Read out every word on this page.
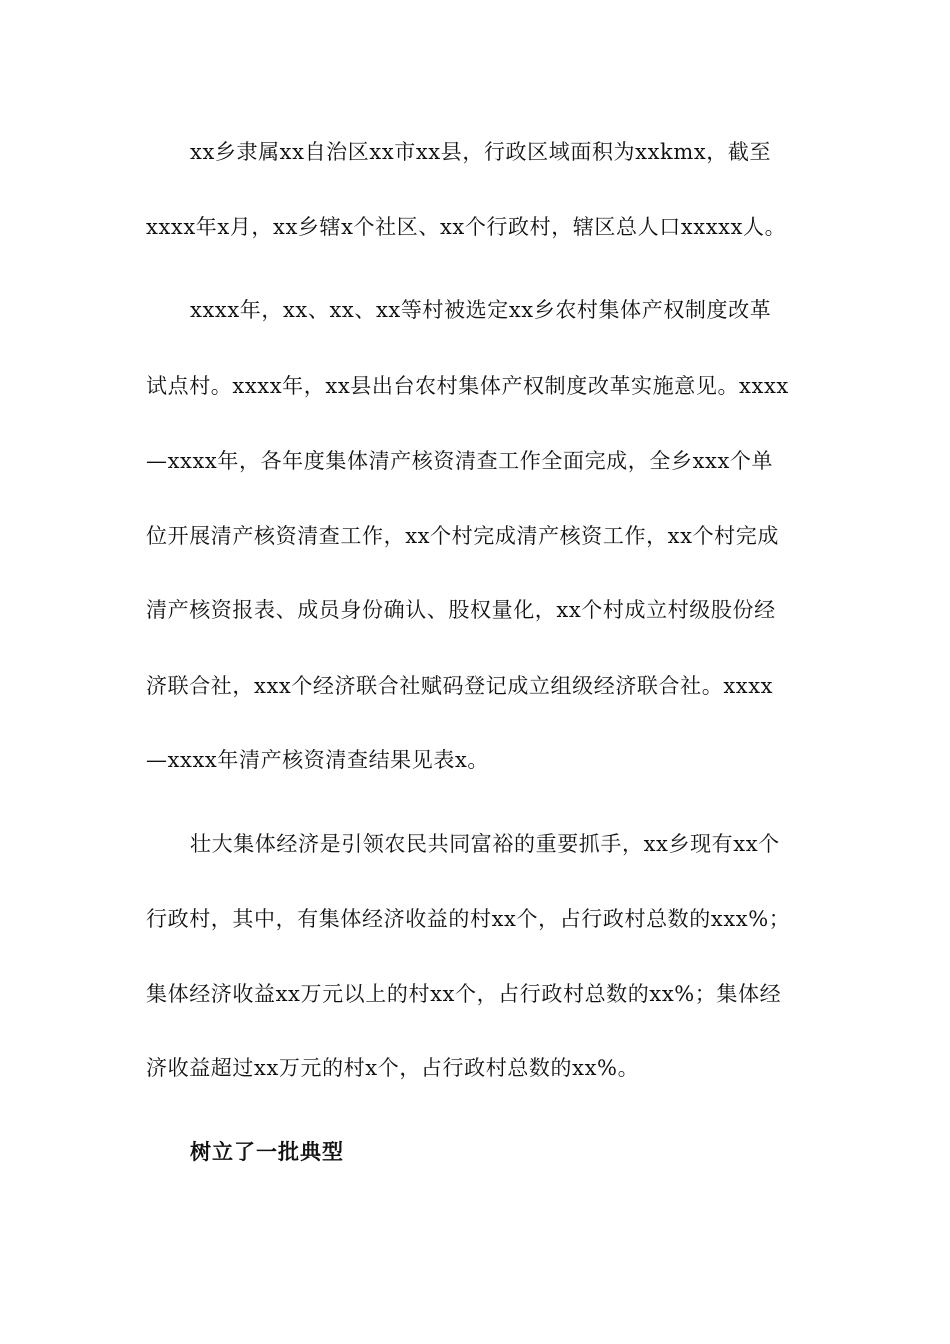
xx乡隶属xx自治区xx市xx县，行政区域面积为xxkmx，截至
xxxx年x月，xx乡辖x个社区、xx个行政村，辖区总人口xxxxx人。
xxxx年，xx、xx、xx等村被选定xx乡农村集体产权制度改革
试点村。xxxx年，xx县出台农村集体产权制度改革实施意见。xxxx
—xxxx年，各年度集体清产核资清查工作全面完成，全乡xxx个单
位开展清产核资清查工作，xx个村完成清产核资工作，xx个村完成
清产核资报表、成员身份确认、股权量化，xx个村成立村级股份经
济联合社，xxx个经济联合社赋码登记成立组级经济联合社。xxxx
—xxxx年清产核资清查结果见表x。
壮大集体经济是引领农民共同富裕的重要抓手，xx乡现有xx个
行政村，其中，有集体经济收益的村xx个，占行政村总数的xxx%；
集体经济收益xx万元以上的村xx个，占行政村总数的xx%；集体经
济收益超过xx万元的村x个，占行政村总数的xx%。
树立了一批典型
